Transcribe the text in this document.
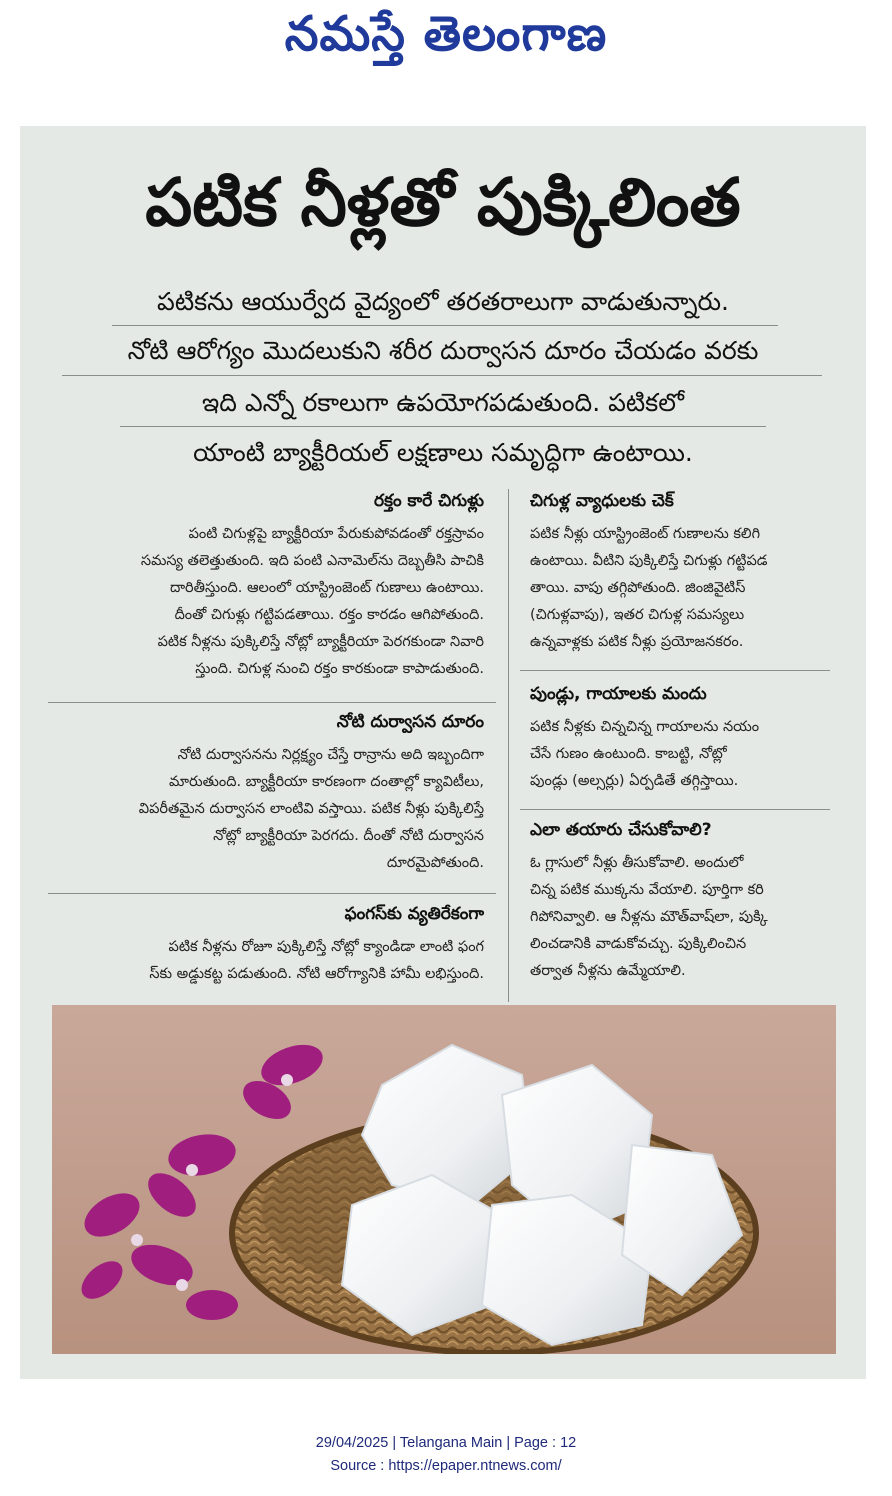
నమస్తే తెలంగాణ
పటిక నీళ్లతో పుక్కిలింత
పటికను ఆయుర్వేద వైద్యంలో తరతరాలుగా వాడుతున్నారు.
నోటి ఆరోగ్యం మొదలుకుని శరీర దుర్వాసన దూరం చేయడం వరకు
ఇది ఎన్నో రకాలుగా ఉపయోగపడుతుంది. పటికలో
యాంటి బ్యాక్టీరియల్ లక్షణాలు సమృద్ధిగా ఉంటాయి.
రక్తం కారే చిగుళ్లు
పంటి చిగుళ్లపై బ్యాక్టీరియా పేరుకుపోవడంతో రక్తస్రావం
సమస్య తలెత్తుతుంది. ఇది పంటి ఎనామెల్‌ను దెబ్బతీసి పాచికి
దారితీస్తుంది. ఆలంలో యాస్ట్రింజెంట్ గుణాలు ఉంటాయి.
దీంతో చిగుళ్లు గట్టిపడతాయి. రక్తం కారడం ఆగిపోతుంది.
పటిక నీళ్లను పుక్కిలిస్తే నోట్లో బ్యాక్టీరియా పెరగకుండా నివారి
స్తుంది. చిగుళ్ల నుంచి రక్తం కారకుండా కాపాడుతుంది.
నోటి దుర్వాసన దూరం
నోటి దుర్వాసనను నిర్లక్ష్యం చేస్తే రాన్రాను అది ఇబ్బందిగా
మారుతుంది. బ్యాక్టీరియా కారణంగా దంతాల్లో క్యావిటీలు,
విపరీతమైన దుర్వాసన లాంటివి వస్తాయి. పటిక నీళ్లు పుక్కిలిస్తే
నోట్లో బ్యాక్టీరియా పెరగదు. దీంతో నోటి దుర్వాసన
దూరమైపోతుంది.
ఫంగస్‌కు వ్యతిరేకంగా
పటిక నీళ్లను రోజూ పుక్కిలిస్తే నోట్లో క్యాండిడా లాంటి ఫంగ
స్‌కు అడ్డుకట్ట పడుతుంది. నోటి ఆరోగ్యానికి హామీ లభిస్తుంది.
చిగుళ్ల వ్యాధులకు చెక్
పటిక నీళ్లు యాస్ట్రింజెంట్ గుణాలను కలిగి
ఉంటాయి. వీటిని పుక్కిలిస్తే చిగుళ్లు గట్టిపడ
తాయి. వాపు తగ్గిపోతుంది. జింజివైటిస్
(చిగుళ్లవాపు), ఇతర చిగుళ్ల సమస్యలు
ఉన్నవాళ్లకు పటిక నీళ్లు ప్రయోజనకరం.
పుండ్లు, గాయాలకు మందు
పటిక నీళ్లకు చిన్నచిన్న గాయాలను నయం
చేసే గుణం ఉంటుంది. కాబట్టి, నోట్లో
పుండ్లు (అల్సర్లు) ఏర్పడితే తగ్గిస్తాయి.
ఎలా తయారు చేసుకోవాలి?
ఓ గ్లాసులో నీళ్లు తీసుకోవాలి. అందులో
చిన్న పటిక ముక్కను వేయాలి. పూర్తిగా కరి
గిపోనివ్వాలి. ఆ నీళ్లను మౌత్‌వాష్‌లా, పుక్కి
లించడానికి వాడుకోవచ్చు. పుక్కిలించిన
తర్వాత నీళ్లను ఉమ్మేయాలి.
29/04/2025 | Telangana Main | Page : 12
Source : https://epaper.ntnews.com/
